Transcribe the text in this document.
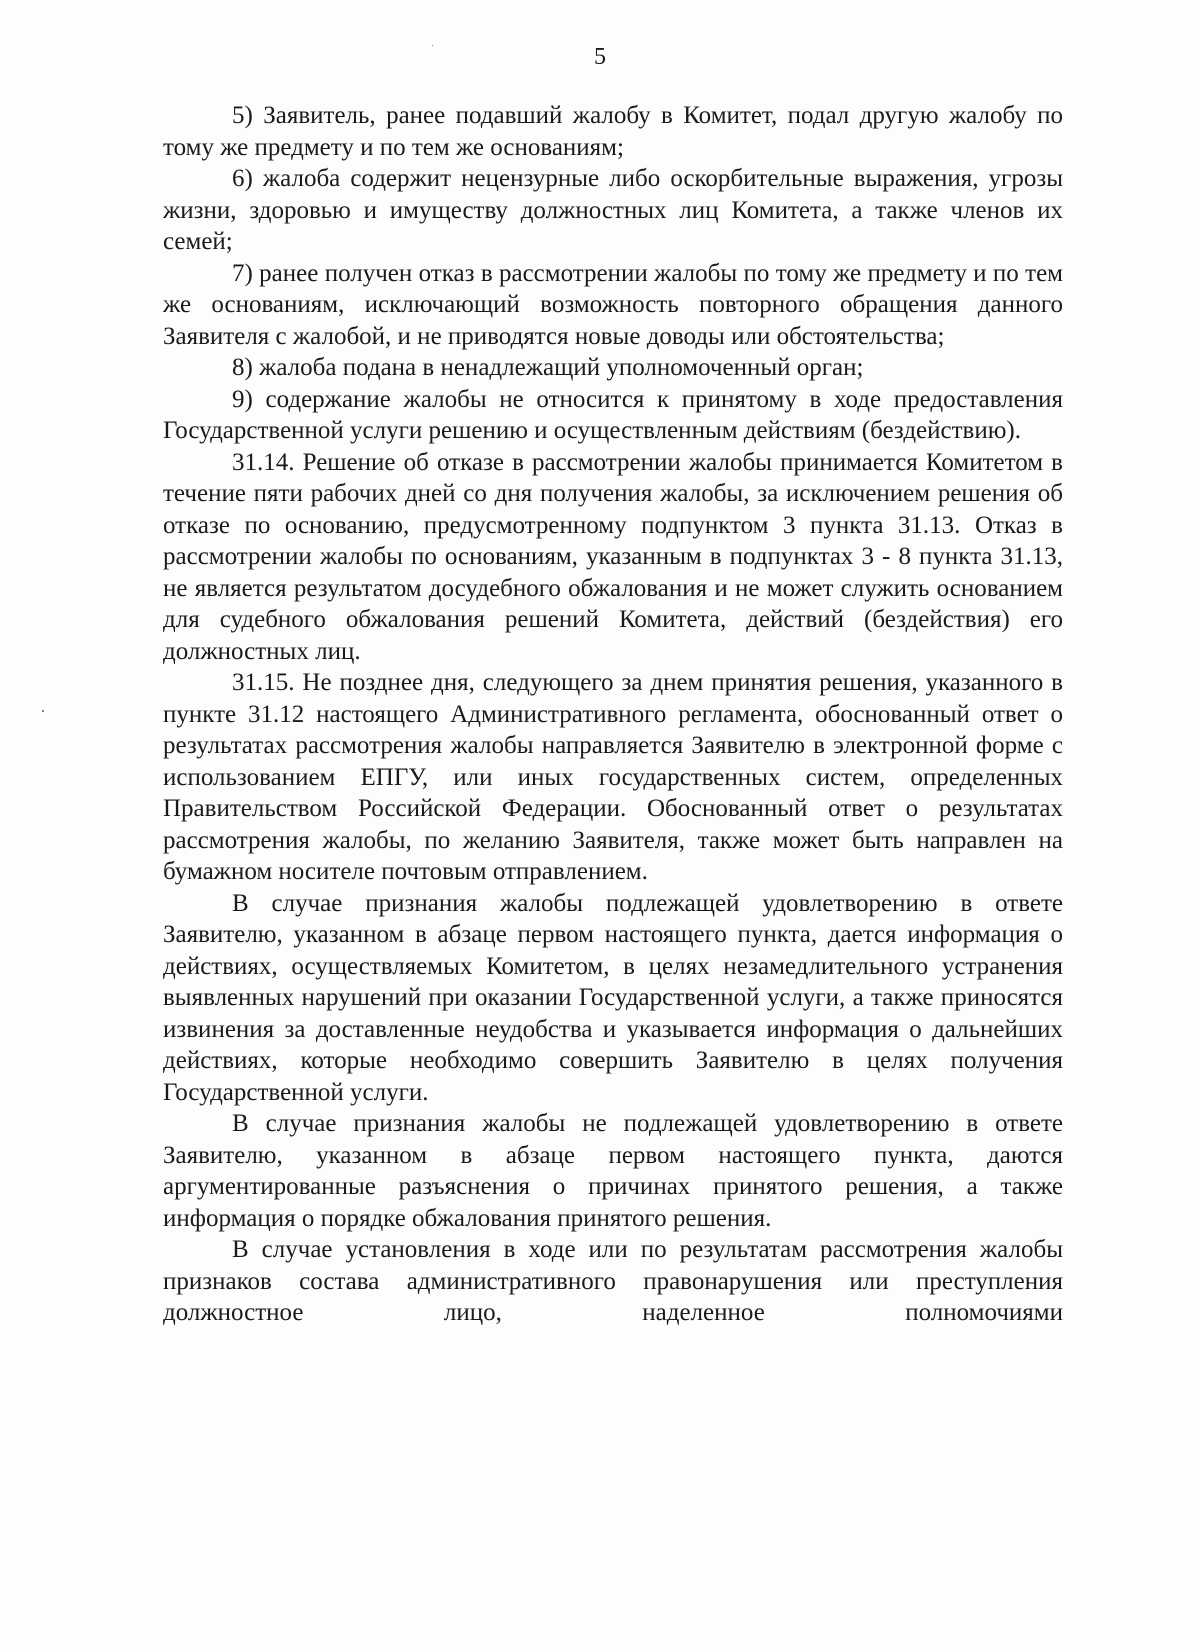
5

5) Заявитель, ранее подавший жалобу в Комитет, подал другую жалобу по тому же предмету и по тем же основаниям;

6) жалоба содержит нецензурные либо оскорбительные выражения, угрозы жизни, здоровью и имуществу должностных лиц Комитета, а также членов их семей;

7) ранее получен отказ в рассмотрении жалобы по тому же предмету и по тем же основаниям, исключающий возможность повторного обращения данного Заявителя с жалобой, и не приводятся новые доводы или обстоятельства;

8) жалоба подана в ненадлежащий уполномоченный орган;

9) содержание жалобы не относится к принятому в ходе предоставления Государственной услуги решению и осуществленным действиям (бездействию).

31.14. Решение об отказе в рассмотрении жалобы принимается Комитетом в течение пяти рабочих дней со дня получения жалобы, за исключением решения об отказе по основанию, предусмотренному подпунктом 3 пункта 31.13. Отказ в рассмотрении жалобы по основаниям, указанным в подпунктах 3 - 8 пункта 31.13, не является результатом досудебного обжалования и не может служить основанием для судебного обжалования решений Комитета, действий (бездействия) его должностных лиц.

31.15. Не позднее дня, следующего за днем принятия решения, указанного в пункте 31.12 настоящего Административного регламента, обоснованный ответ о результатах рассмотрения жалобы направляется Заявителю в электронной форме с использованием ЕПГУ, или иных государственных систем, определенных Правительством Российской Федерации. Обоснованный ответ о результатах рассмотрения жалобы, по желанию Заявителя, также может быть направлен на бумажном носителе почтовым отправлением.

В случае признания жалобы подлежащей удовлетворению в ответе Заявителю, указанном в абзаце первом настоящего пункта, дается информация о действиях, осуществляемых Комитетом, в целях незамедлительного устранения выявленных нарушений при оказании Государственной услуги, а также приносятся извинения за доставленные неудобства и указывается информация о дальнейших действиях, которые необходимо совершить Заявителю в целях получения Государственной услуги.

В случае признания жалобы не подлежащей удовлетворению в ответе Заявителю, указанном в абзаце первом настоящего пункта, даются аргументированные разъяснения о причинах принятого решения, а также информация о порядке обжалования принятого решения.

В случае установления в ходе или по результатам рассмотрения жалобы признаков состава административного правонарушения или преступления должностное лицо, наделенное полномочиями
